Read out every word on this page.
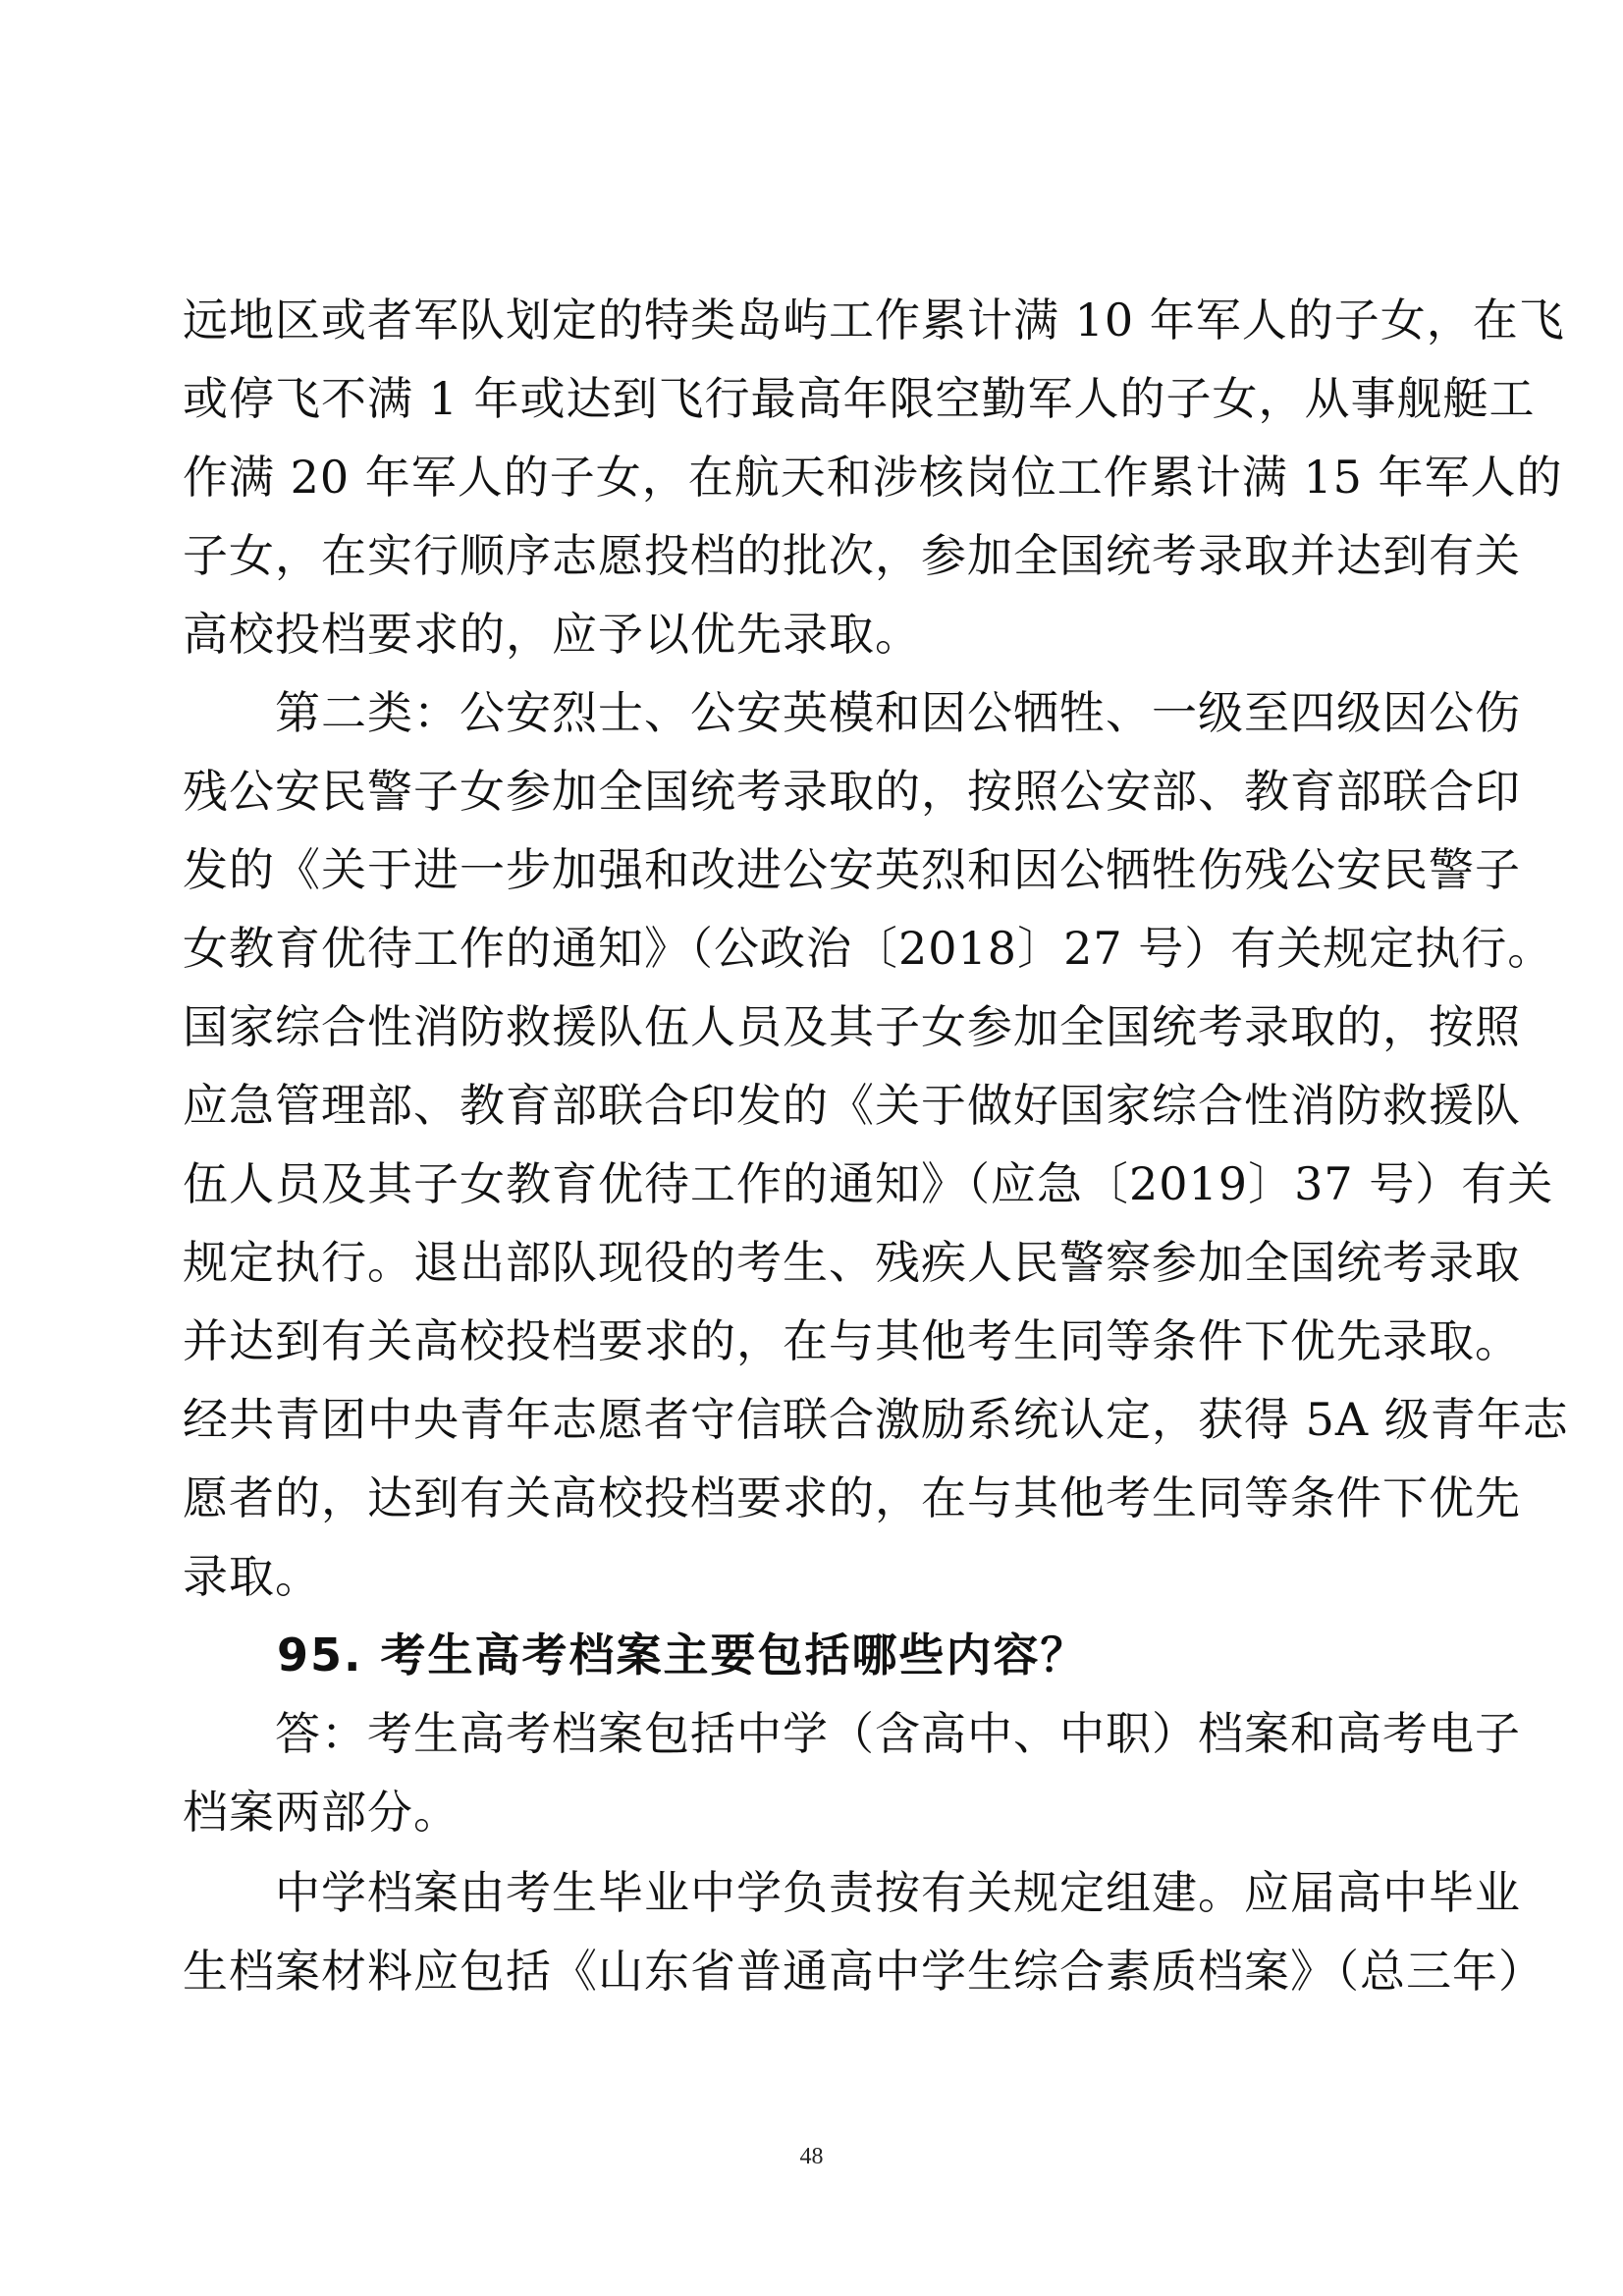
远地区或者军队划定的特类岛屿工作累计满 10 年军人的子女，在飞
或停飞不满 1 年或达到飞行最高年限空勤军人的子女，从事舰艇工
作满 20 年军人的子女，在航天和涉核岗位工作累计满 15 年军人的
子女，在实行顺序志愿投档的批次，参加全国统考录取并达到有关
高校投档要求的，应予以优先录取。
　　第二类：公安烈士、公安英模和因公牺牲、一级至四级因公伤
残公安民警子女参加全国统考录取的，按照公安部、教育部联合印
发的《关于进一步加强和改进公安英烈和因公牺牲伤残公安民警子
女教育优待工作的通知》（公政治〔2018〕27 号）有关规定执行。
国家综合性消防救援队伍人员及其子女参加全国统考录取的，按照
应急管理部、教育部联合印发的《关于做好国家综合性消防救援队
伍人员及其子女教育优待工作的通知》（应急〔2019〕37 号）有关
规定执行。退出部队现役的考生、残疾人民警察参加全国统考录取
并达到有关高校投档要求的，在与其他考生同等条件下优先录取。
经共青团中央青年志愿者守信联合激励系统认定，获得 5A 级青年志
愿者的，达到有关高校投档要求的，在与其他考生同等条件下优先
录取。
　　95. 考生高考档案主要包括哪些内容？
　　答：考生高考档案包括中学（含高中、中职）档案和高考电子
档案两部分。
　　中学档案由考生毕业中学负责按有关规定组建。应届高中毕业
生档案材料应包括《山东省普通高中学生综合素质档案》（总三年）
48
